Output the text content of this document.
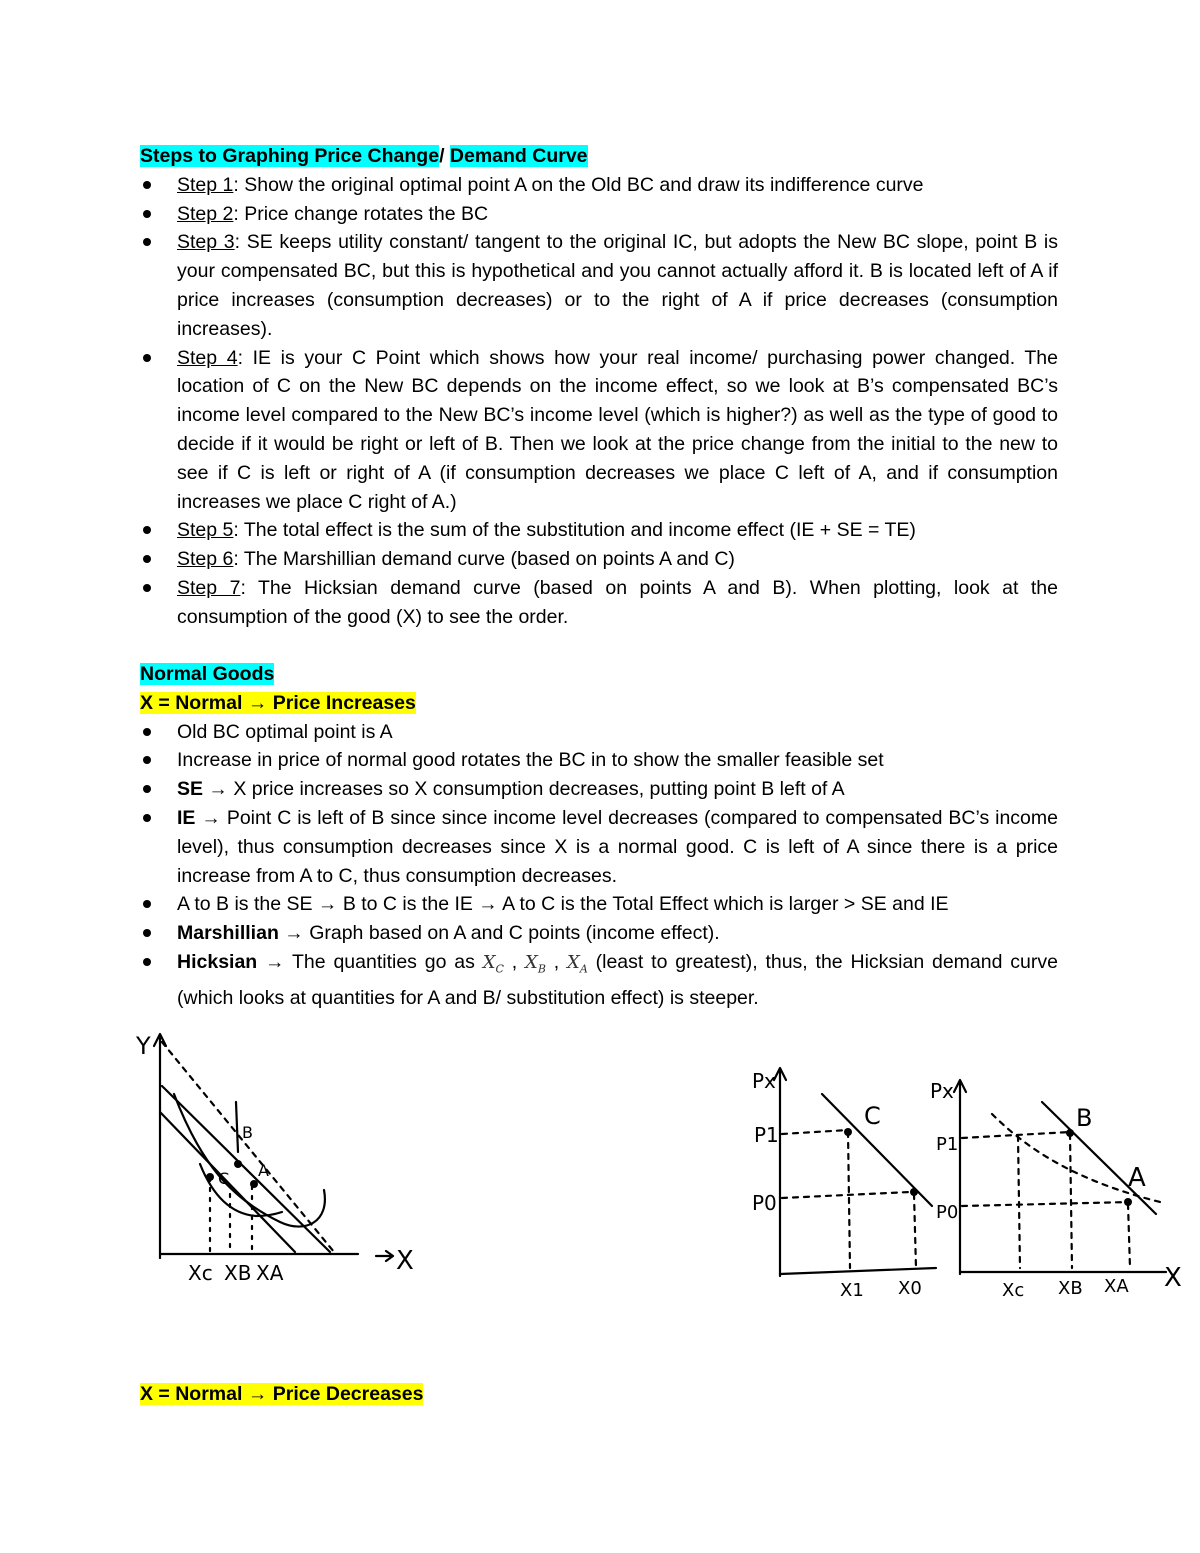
Steps to Graphing Price Change/ Demand Curve
Step 1: Show the original optimal point A on the Old BC and draw its indifference curve
Step 2: Price change rotates the BC
Step 3: SE keeps utility constant/ tangent to the original IC, but adopts the New BC slope, point B is your compensated BC, but this is hypothetical and you cannot actually afford it. B is located left of A if price increases (consumption decreases) or to the right of A if price decreases (consumption increases).
Step 4: IE is your C Point which shows how your real income/ purchasing power changed. The location of C on the New BC depends on the income effect, so we look at B’s compensated BC’s income level compared to the New BC’s income level (which is higher?) as well as the type of good to decide if it would be right or left of B. Then we look at the price change from the initial to the new to see if C is left or right of A (if consumption decreases we place C left of A, and if consumption increases we place C right of A.)
Step 5: The total effect is the sum of the substitution and income effect (IE + SE = TE)
Step 6: The Marshillian demand curve (based on points A and C)
Step 7: The Hicksian demand curve (based on points A and B). When plotting, look at the consumption of the good (X) to see the order.
Normal Goods
X = Normal → Price Increases
Old BC optimal point is A
Increase in price of normal good rotates the BC in to show the smaller feasible set
SE → X price increases so X consumption decreases, putting point B left of A
IE → Point C is left of B since since income level decreases (compared to compensated BC’s income level), thus consumption decreases since X is a normal good. C is left of A since there is a price increase from A to C, thus consumption decreases.
A to B is the SE → B to C is the IE → A to C is the Total Effect which is larger > SE and IE
Marshillian → Graph based on A and C points (income effect).
Hicksian → The quantities go as $X_C$ , $X_B$ , $X_A$ (least to greatest), thus, the Hicksian demand curve (which looks at quantities for A and B/ substitution effect) is steeper.
Y
X
B
A
C
Xc XB XA
Px
C
P1
P0
X1 X0
Px
B
A
P1
P0
Xc XB XA X
X = Normal → Price Decreases
